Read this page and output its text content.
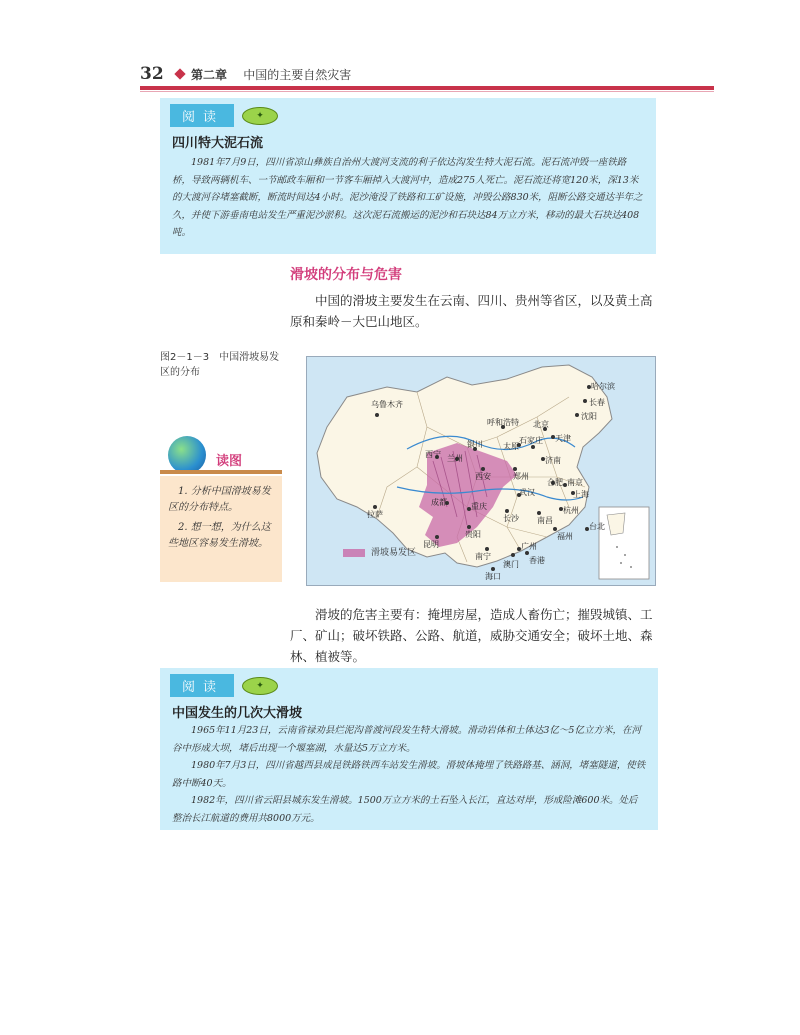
32 第二章 中国的主要自然灾害
阅读	✦
四川特大泥石流
1981年7月9日，四川省凉山彝族自治州大渡河支流的利子依达沟发生特大泥石流。泥石流冲毁一座铁路桥，导致两辆机车、一节邮政车厢和一节客车厢掉入大渡河中，造成275人死亡。泥石流还将宽120米，深13米的大渡河谷堵塞截断，断流时间达4小时。泥沙淹没了铁路和工矿设施，冲毁公路830米，阻断公路交通达半年之久，并使下游垂南电站发生严重泥沙淤积。这次泥石流搬运的泥沙和石块达84万立方米，移动的最大石块达408吨。
滑坡的分布与危害
中国的滑坡主要发生在云南、四川、贵州等省区，以及黄土高原和秦岭－大巴山地区。
图2－1－3　中国滑坡易发区的分布
滑坡易发区
乌鲁木齐
拉萨
哈尔滨
长春
沈阳
北京
天津
呼和浩特
太原
石家庄
济南
银川
兰州
西宁
西安	郑州
南京
上海
合肥
武汉
杭州
成都	重庆
长沙 南昌
贵阳	福州
台北
昆明
南宁
广州
海口
澳门 香港
读图
1. 分析中国滑坡易发区的分布特点。
2. 想一想，为什么这些地区容易发生滑坡。
滑坡的危害主要有：掩埋房屋，造成人畜伤亡；摧毁城镇、工厂、矿山；破坏铁路、公路、航道，威胁交通安全；破坏土地、森林、植被等。
阅读	✦
中国发生的几次大滑坡
1965年11月23日，云南省禄劝县烂泥沟普渡河段发生特大滑坡。滑动岩体和土体达3亿～5亿立方米，在河谷中形成大坝，堵后出现一个堰塞湖，水量达5万立方米。
1980年7月3日，四川省越西县成昆铁路铁西车站发生滑坡。滑坡体掩埋了铁路路基、涵洞，堵塞隧道，使铁路中断40天。
1982年，四川省云阳县城东发生滑坡。1500万立方米的土石坠入长江，直达对岸，形成险滩600米。处后整治长江航道的费用共8000万元。
